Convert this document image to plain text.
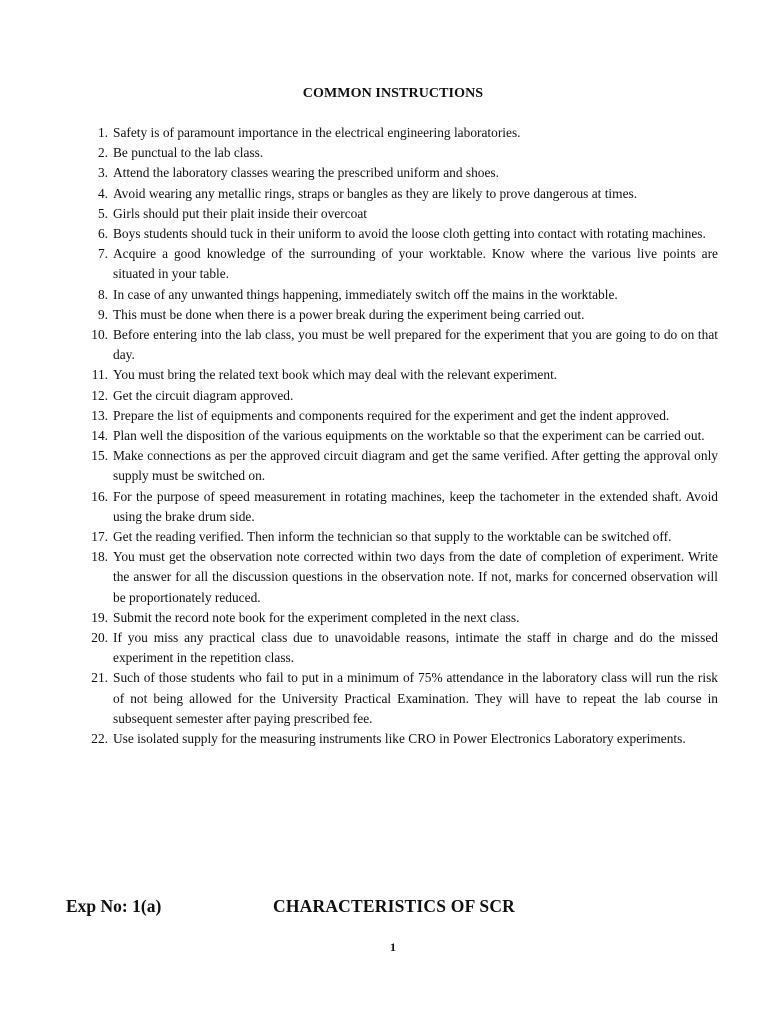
COMMON INSTRUCTIONS
1. Safety is of paramount importance in the electrical engineering laboratories.
2. Be punctual to the lab class.
3. Attend the laboratory classes wearing the prescribed uniform and shoes.
4. Avoid wearing any metallic rings, straps or bangles as they are likely to prove dangerous at times.
5. Girls should put their plait inside their overcoat
6. Boys students should tuck in their uniform to avoid the loose cloth getting into contact with rotating machines.
7. Acquire a good knowledge of the surrounding of your worktable. Know where the various live points are situated in your table.
8. In case of any unwanted things happening, immediately switch off the mains in the worktable.
9. This must be done when there is a power break during the experiment being carried out.
10. Before entering into the lab class, you must be well prepared for the experiment that you are going to do on that day.
11. You must bring the related text book which may deal with the relevant experiment.
12. Get the circuit diagram approved.
13. Prepare the list of equipments and components required for the experiment and get the indent approved.
14. Plan well the disposition of the various equipments on the worktable so that the experiment can be carried out.
15. Make connections as per the approved circuit diagram and get the same verified. After getting the approval only supply must be switched on.
16. For the purpose of speed measurement in rotating machines, keep the tachometer in the extended shaft. Avoid using the brake drum side.
17. Get the reading verified. Then inform the technician so that supply to the worktable can be switched off.
18. You must get the observation note corrected within two days from the date of completion of experiment. Write the answer for all the discussion questions in the observation note. If not, marks for concerned observation will be proportionately reduced.
19. Submit the record note book for the experiment completed in the next class.
20. If you miss any practical class due to unavoidable reasons, intimate the staff in charge and do the missed experiment in the repetition class.
21. Such of those students who fail to put in a minimum of 75% attendance in the laboratory class will run the risk of not being allowed for the University Practical Examination. They will have to repeat the lab course in subsequent semester after paying prescribed fee.
22. Use isolated supply for the measuring instruments like CRO in Power Electronics Laboratory experiments.
Exp No: 1(a)	CHARACTERISTICS OF SCR
1
